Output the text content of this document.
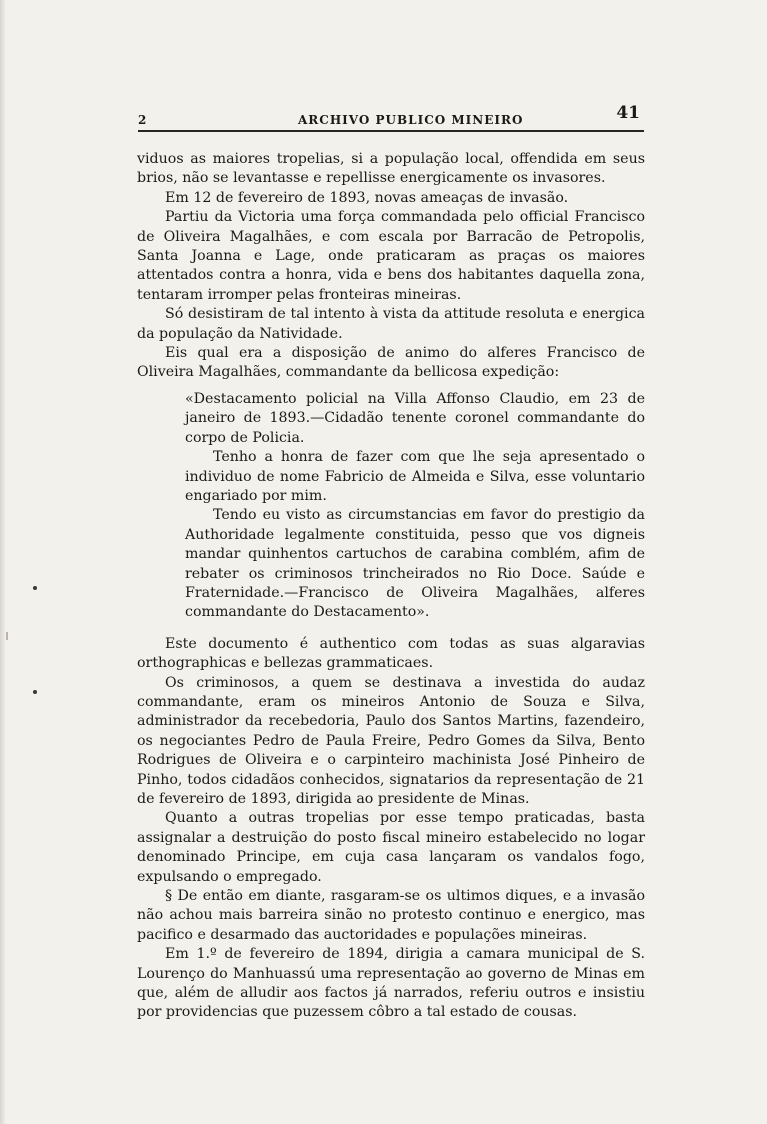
2	ARCHIVO PUBLICO MINEIRO	41

viduos as maiores tropelias, si a população local, offendida em seus brios, não se levantasse e repellisse energicamente os invasores.

Em 12 de fevereiro de 1893, novas ameaças de invasão.

Partiu da Victoria uma força commandada pelo official Francisco de Oliveira Magalhães, e com escala por Barracão de Petropolis, Santa Joanna e Lage, onde praticaram as praças os maiores attentados contra a honra, vida e bens dos habitantes daquella zona, tentaram irromper pelas fronteiras mineiras.

Só desistiram de tal intento à vista da attitude resoluta e energica da população da Natividade.

Eis qual era a disposição de animo do alferes Francisco de Oliveira Magalhães, commandante da bellicosa expedição:

«Destacamento policial na Villa Affonso Claudio, em 23 de janeiro de 1893.—Cidadão tenente coronel commandante do corpo de Policia.

Tenho a honra de fazer com que lhe seja apresentado o individuo de nome Fabricio de Almeida e Silva, esse voluntario engariado por mim.

Tendo eu visto as circumstancias em favor do prestigio da Authoridade legalmente constituida, pesso que vos digneis mandar quinhentos cartuchos de carabina comblém, afim de rebater os criminosos trincheirados no Rio Doce. Saúde e Fraternidade.—Francisco de Oliveira Magalhães, alferes commandante do Destacamento».

Este documento é authentico com todas as suas algaravias orthographicas e bellezas grammaticaes.

Os criminosos, a quem se destinava a investida do audaz commandante, eram os mineiros Antonio de Souza e Silva, administrador da recebedoria, Paulo dos Santos Martins, fazendeiro, os negociantes Pedro de Paula Freire, Pedro Gomes da Silva, Bento Rodrigues de Oliveira e o carpinteiro machinista José Pinheiro de Pinho, todos cidadãos conhecidos, signatarios da representação de 21 de fevereiro de 1893, dirigida ao presidente de Minas.

Quanto a outras tropelias por esse tempo praticadas, basta assignalar a destruição do posto fiscal mineiro estabelecido no logar denominado Principe, em cuja casa lançaram os vandalos fogo, expulsando o empregado.

§ De então em diante, rasgaram-se os ultimos diques, e a invasão não achou mais barreira sinão no protesto continuo e energico, mas pacifico e desarmado das auctoridades e populações mineiras.

Em 1.º de fevereiro de 1894, dirigia a camara municipal de S. Lourenço do Manhuassú uma representação ao governo de Minas em que, além de alludir aos factos já narrados, referiu outros e insistiu por providencias que puzessem côbro a tal estado de cousas.
